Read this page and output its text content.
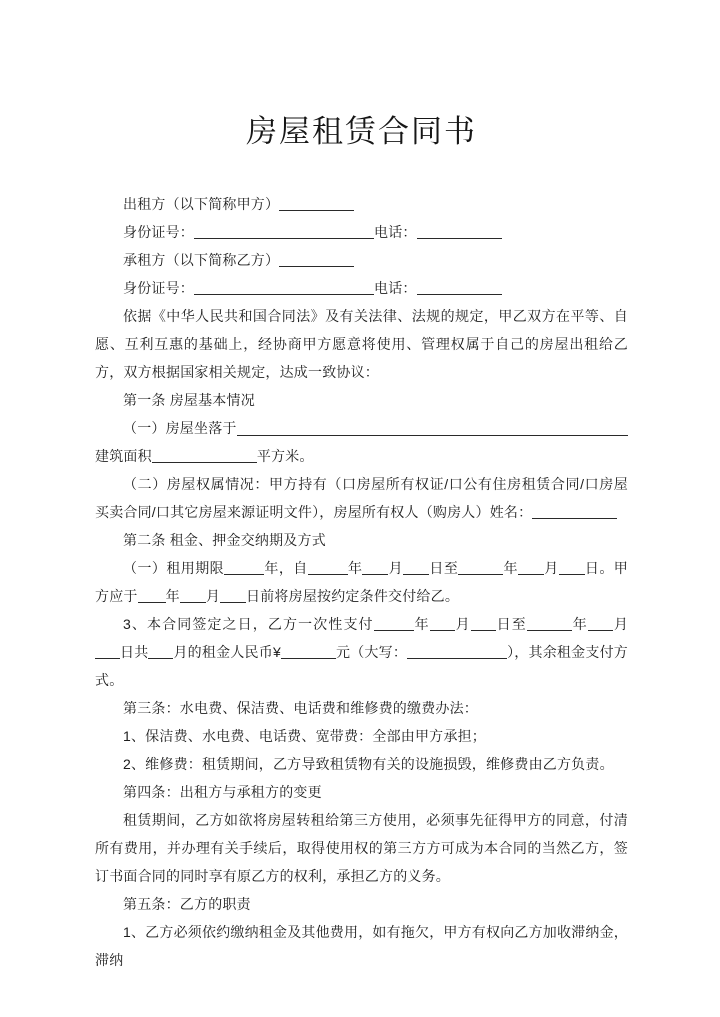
房屋租赁合同书

出租方（以下简称甲方）

身份证号：	电话：

承租方（以下简称乙方）

身份证号：	电话：

依据《中华人民共和国合同法》及有关法律、法规的规定，甲乙双方在平等、自愿、互利互惠的基础上，经协商甲方愿意将使用、管理权属于自己的房屋出租给乙方，双方根据国家相关规定，达成一致协议：

第一条 房屋基本情况

（一）房屋坐落于

建筑面积	平方米。

（二）房屋权属情况：甲方持有（口房屋所有权证/口公有住房租赁合同/口房屋买卖合同/口其它房屋来源证明文件），房屋所有权人（购房人）姓名：

第二条 租金、押金交纳期及方式

（一）租用期限	年，自	年 月 日至	年 月 日。甲方应于 年 月 日前将房屋按约定条件交付给乙。

3、本合同签定之日，乙方一次性支付	年 月 日至	年 月日共 月的租金人民币¥	元（大写：	），其余租金支付方式。

第三条：水电费、保洁费、电话费和维修费的缴费办法：

1、保洁费、水电费、电话费、宽带费：全部由甲方承担；

2、维修费：租赁期间，乙方导致租赁物有关的设施损毁，维修费由乙方负责。

第四条：出租方与承租方的变更

租赁期间，乙方如欲将房屋转租给第三方使用，必须事先征得甲方的同意，付清所有费用，并办理有关手续后，取得使用权的第三方方可成为本合同的当然乙方，签订书面合同的同时享有原乙方的权利，承担乙方的义务。

第五条：乙方的职责

1、乙方必须依约缴纳租金及其他费用，如有拖欠，甲方有权向乙方加收滞纳金，滞纳
